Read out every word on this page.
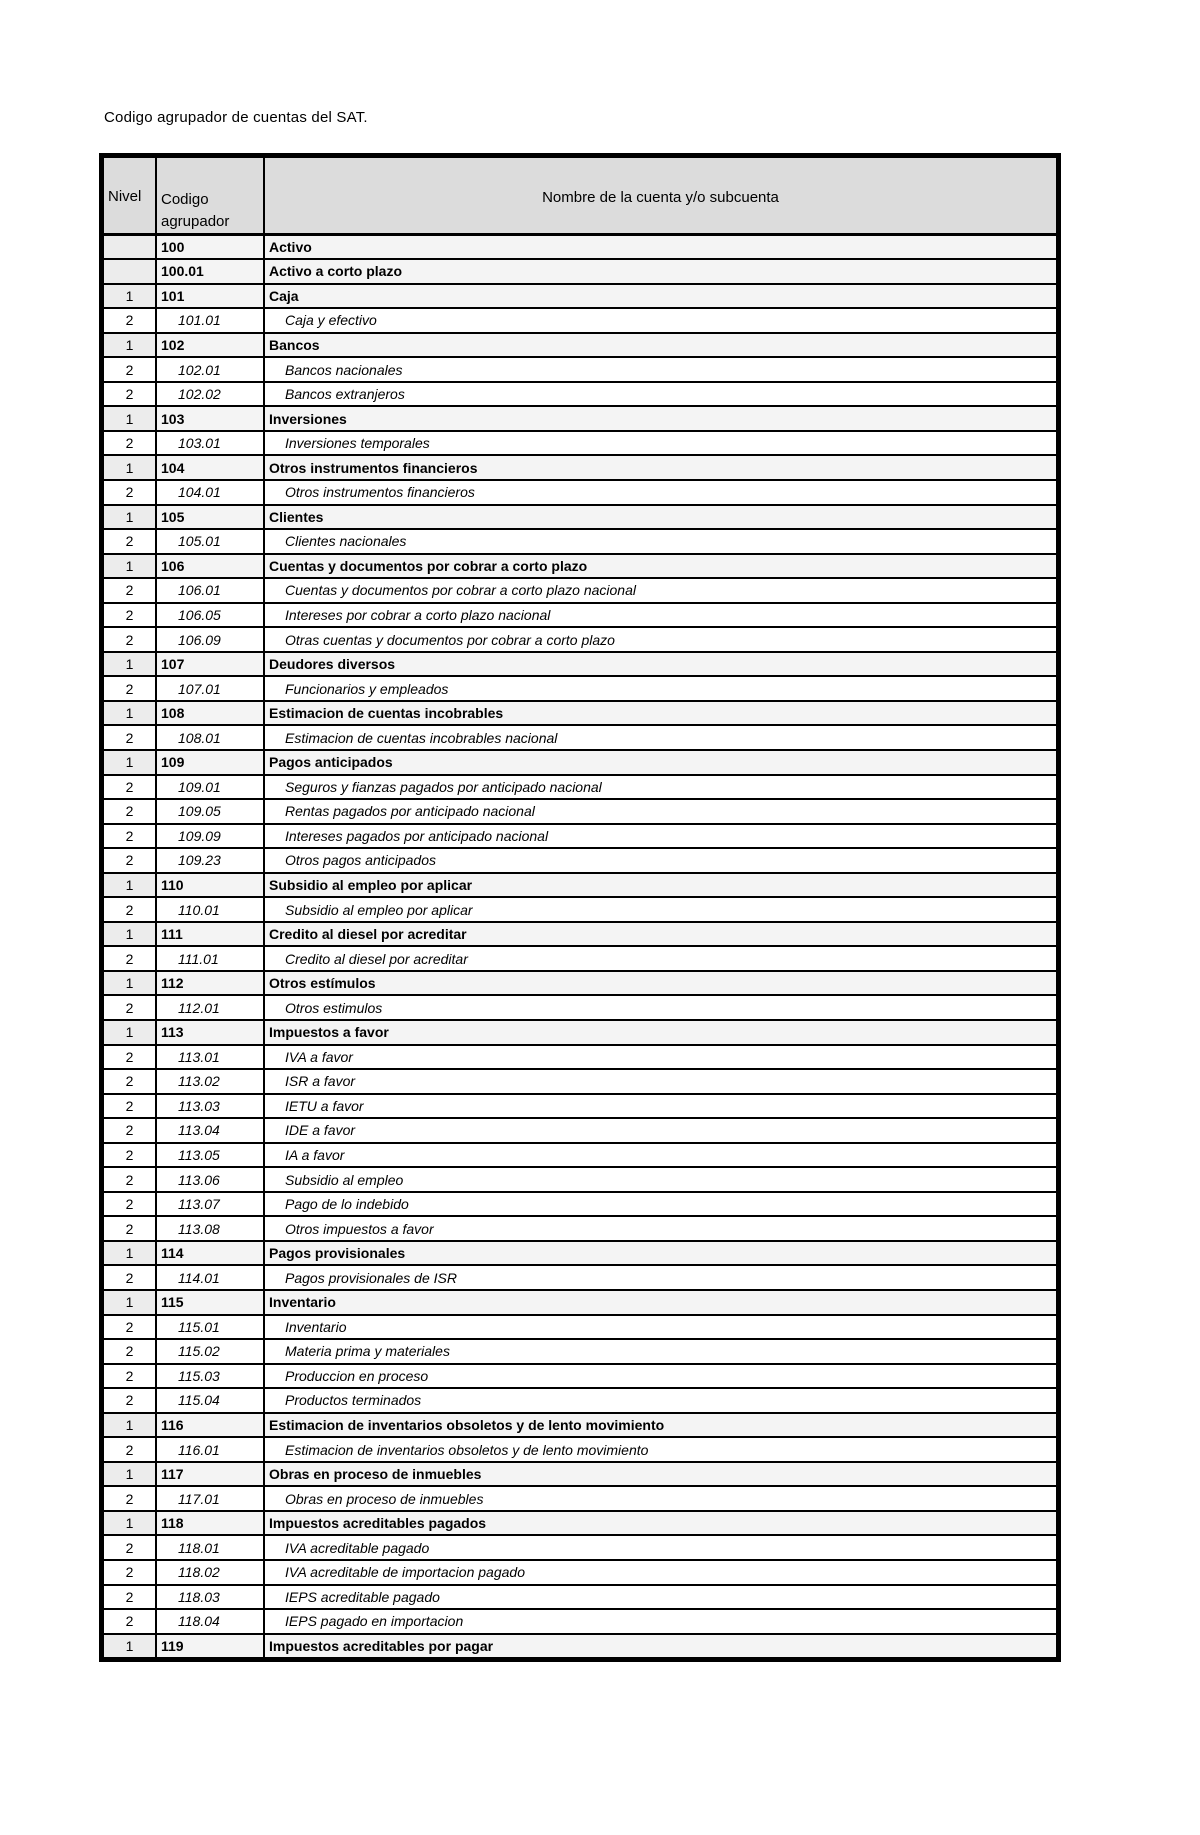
Codigo agrupador de cuentas del SAT.
Nivel	Codigo agrupador	Nombre de la cuenta y/o subcuenta
	100	Activo
	100.01	Activo a corto plazo
1	101	Caja
2	101.01	Caja y efectivo
1	102	Bancos
2	102.01	Bancos nacionales
2	102.02	Bancos extranjeros
1	103	Inversiones
2	103.01	Inversiones temporales
1	104	Otros instrumentos financieros
2	104.01	Otros instrumentos financieros
1	105	Clientes
2	105.01	Clientes nacionales
1	106	Cuentas y documentos por cobrar a corto plazo
2	106.01	Cuentas y documentos por cobrar a corto plazo nacional
2	106.05	Intereses por cobrar a corto plazo nacional
2	106.09	Otras cuentas y documentos por cobrar a corto plazo
1	107	Deudores diversos
2	107.01	Funcionarios y empleados
1	108	Estimacion de cuentas incobrables
2	108.01	Estimacion de cuentas incobrables nacional
1	109	Pagos anticipados
2	109.01	Seguros y fianzas pagados por anticipado nacional
2	109.05	Rentas pagados por anticipado nacional
2	109.09	Intereses pagados por anticipado nacional
2	109.23	Otros pagos anticipados
1	110	Subsidio al empleo por aplicar
2	110.01	Subsidio al empleo por aplicar
1	111	Credito al diesel por acreditar
2	111.01	Credito al diesel por acreditar
1	112	Otros estímulos
2	112.01	Otros estimulos
1	113	Impuestos a favor
2	113.01	IVA a favor
2	113.02	ISR a favor
2	113.03	IETU a favor
2	113.04	IDE a favor
2	113.05	IA a favor
2	113.06	Subsidio al empleo
2	113.07	Pago de lo indebido
2	113.08	Otros impuestos a favor
1	114	Pagos provisionales
2	114.01	Pagos provisionales de ISR
1	115	Inventario
2	115.01	Inventario
2	115.02	Materia prima y materiales
2	115.03	Produccion en proceso
2	115.04	Productos terminados
1	116	Estimacion de inventarios obsoletos y de lento movimiento
2	116.01	Estimacion de inventarios obsoletos y de lento movimiento
1	117	Obras en proceso de inmuebles
2	117.01	Obras en proceso de inmuebles
1	118	Impuestos acreditables pagados
2	118.01	IVA acreditable pagado
2	118.02	IVA acreditable de importacion pagado
2	118.03	IEPS acreditable pagado
2	118.04	IEPS pagado en importacion
1	119	Impuestos acreditables por pagar
